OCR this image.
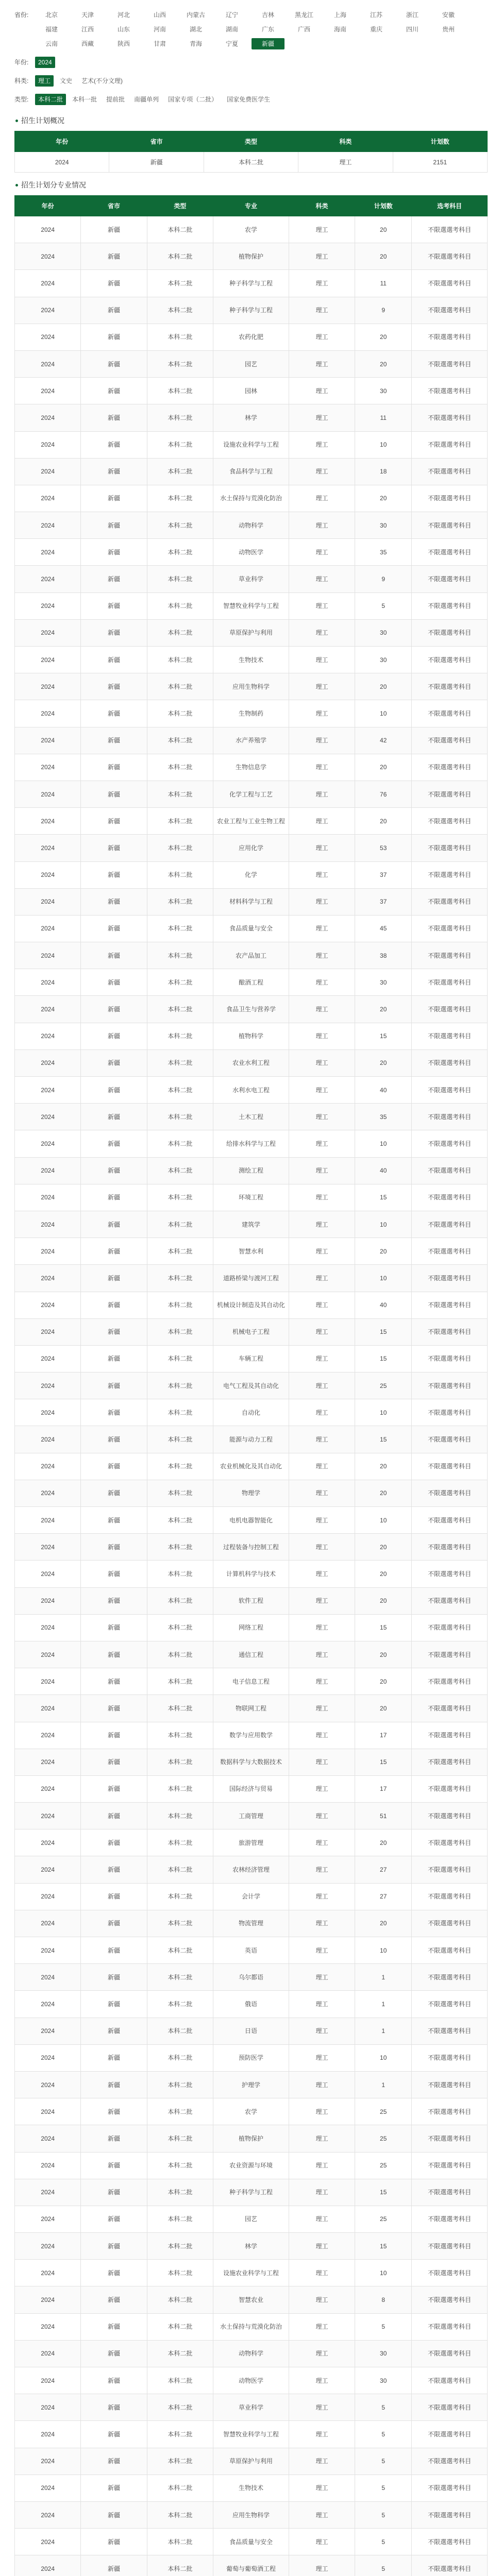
省份:	北京	天津	河北	山西	内蒙古	辽宁	吉林	黑龙江	上海	江苏	浙江	安徽
福建	江西	山东	河南	湖北	湖南	广东	广西	海南	重庆	四川	贵州
云南	西藏	陕西	甘肃	青海	宁夏	新疆
年份:	2024
科类:	理工	文史	艺术(不分文理)
类型:	本科二批	本科一批	提前批	南疆单列	国家专项（二批）	国家免费医学生
招生计划概况
年份	省市	类型	科类	计划数
2024	新疆	本科二批	理工	2151
招生计划分专业情况
年份	省市	类型	专业	科类	计划数	选考科目
2024	新疆	本科二批	农学	理工	20	不限選選考科目
2024	新疆	本科二批	植物保护	理工	20	不限選選考科目
2024	新疆	本科二批	种子科学与工程	理工	11	不限選選考科目
2024	新疆	本科二批	种子科学与工程	理工	9	不限選選考科目
2024	新疆	本科二批	农药化肥	理工	20	不限選選考科目
2024	新疆	本科二批	园艺	理工	20	不限選選考科目
2024	新疆	本科二批	园林	理工	30	不限選選考科目
2024	新疆	本科二批	林学	理工	11	不限選選考科目
2024	新疆	本科二批	设施农业科学与工程	理工	10	不限選選考科目
2024	新疆	本科二批	食品科学与工程	理工	18	不限選選考科目
2024	新疆	本科二批	水土保持与荒漠化防治	理工	20	不限選選考科目
2024	新疆	本科二批	动物科学	理工	30	不限選選考科目
2024	新疆	本科二批	动物医学	理工	35	不限選選考科目
2024	新疆	本科二批	草业科学	理工	9	不限選選考科目
2024	新疆	本科二批	智慧牧业科学与工程	理工	5	不限選選考科目
2024	新疆	本科二批	草原保护与利用	理工	30	不限選選考科目
2024	新疆	本科二批	生物技术	理工	30	不限選選考科目
2024	新疆	本科二批	应用生物科学	理工	20	不限選選考科目
2024	新疆	本科二批	生物制药	理工	10	不限選選考科目
2024	新疆	本科二批	水产养殖学	理工	42	不限選選考科目
2024	新疆	本科二批	生物信息学	理工	20	不限選選考科目
2024	新疆	本科二批	化学工程与工艺	理工	76	不限選選考科目
2024	新疆	本科二批	农业工程与工业生物工程	理工	20	不限選選考科目
2024	新疆	本科二批	应用化学	理工	53	不限選選考科目
2024	新疆	本科二批	化学	理工	37	不限選選考科目
2024	新疆	本科二批	材料科学与工程	理工	37	不限選選考科目
2024	新疆	本科二批	食品质量与安全	理工	45	不限選選考科目
2024	新疆	本科二批	农产品加工	理工	38	不限選選考科目
2024	新疆	本科二批	酿酒工程	理工	30	不限選選考科目
2024	新疆	本科二批	食品卫生与营养学	理工	20	不限選選考科目
2024	新疆	本科二批	植物科学	理工	15	不限選選考科目
2024	新疆	本科二批	农业水利工程	理工	20	不限選選考科目
2024	新疆	本科二批	水利水电工程	理工	40	不限選選考科目
2024	新疆	本科二批	土木工程	理工	35	不限選選考科目
2024	新疆	本科二批	给排水科学与工程	理工	10	不限選選考科目
2024	新疆	本科二批	测绘工程	理工	40	不限選選考科目
2024	新疆	本科二批	环境工程	理工	15	不限選選考科目
2024	新疆	本科二批	建筑学	理工	10	不限選選考科目
2024	新疆	本科二批	智慧水利	理工	20	不限選選考科目
2024	新疆	本科二批	道路桥梁与渡河工程	理工	10	不限選選考科目
2024	新疆	本科二批	机械设计制造及其自动化	理工	40	不限選選考科目
2024	新疆	本科二批	机械电子工程	理工	15	不限選選考科目
2024	新疆	本科二批	车辆工程	理工	15	不限選選考科目
2024	新疆	本科二批	电气工程及其自动化	理工	25	不限選選考科目
2024	新疆	本科二批	自动化	理工	10	不限選選考科目
2024	新疆	本科二批	能源与动力工程	理工	15	不限選選考科目
2024	新疆	本科二批	农业机械化及其自动化	理工	20	不限選選考科目
2024	新疆	本科二批	物理学	理工	20	不限選選考科目
2024	新疆	本科二批	电机电器智能化	理工	10	不限選選考科目
2024	新疆	本科二批	过程装备与控制工程	理工	20	不限選選考科目
2024	新疆	本科二批	计算机科学与技术	理工	20	不限選選考科目
2024	新疆	本科二批	软件工程	理工	20	不限選選考科目
2024	新疆	本科二批	网络工程	理工	15	不限選選考科目
2024	新疆	本科二批	通信工程	理工	20	不限選選考科目
2024	新疆	本科二批	电子信息工程	理工	20	不限選選考科目
2024	新疆	本科二批	物联网工程	理工	20	不限選選考科目
2024	新疆	本科二批	数学与应用数学	理工	17	不限選選考科目
2024	新疆	本科二批	数据科学与大数据技术	理工	15	不限選選考科目
2024	新疆	本科二批	国际经济与贸易	理工	17	不限選選考科目
2024	新疆	本科二批	工商管理	理工	51	不限選選考科目
2024	新疆	本科二批	旅游管理	理工	20	不限選選考科目
2024	新疆	本科二批	农林经济管理	理工	27	不限選選考科目
2024	新疆	本科二批	会计学	理工	27	不限選選考科目
2024	新疆	本科二批	物流管理	理工	20	不限選選考科目
2024	新疆	本科二批	英语	理工	10	不限選選考科目
2024	新疆	本科二批	乌尔都语	理工	1	不限選選考科目
2024	新疆	本科二批	俄语	理工	1	不限選選考科目
2024	新疆	本科二批	日语	理工	1	不限選選考科目
2024	新疆	本科二批	预防医学	理工	10	不限選選考科目
2024	新疆	本科二批	护理学	理工	1	不限選選考科目
2024	新疆	本科二批	农学	理工	25	不限選選考科目
2024	新疆	本科二批	植物保护	理工	25	不限選選考科目
2024	新疆	本科二批	农业资源与环境	理工	25	不限選選考科目
2024	新疆	本科二批	种子科学与工程	理工	15	不限選選考科目
2024	新疆	本科二批	园艺	理工	25	不限選選考科目
2024	新疆	本科二批	林学	理工	15	不限選選考科目
2024	新疆	本科二批	设施农业科学与工程	理工	10	不限選選考科目
2024	新疆	本科二批	智慧农业	理工	8	不限選選考科目
2024	新疆	本科二批	水土保持与荒漠化防治	理工	5	不限選選考科目
2024	新疆	本科二批	动物科学	理工	30	不限選選考科目
2024	新疆	本科二批	动物医学	理工	30	不限選選考科目
2024	新疆	本科二批	草业科学	理工	5	不限選選考科目
2024	新疆	本科二批	智慧牧业科学与工程	理工	5	不限選選考科目
2024	新疆	本科二批	草原保护与利用	理工	5	不限選選考科目
2024	新疆	本科二批	生物技术	理工	5	不限選選考科目
2024	新疆	本科二批	应用生物科学	理工	5	不限選選考科目
2024	新疆	本科二批	食品质量与安全	理工	5	不限選選考科目
2024	新疆	本科二批	葡萄与葡萄酒工程	理工	5	不限選選考科目
